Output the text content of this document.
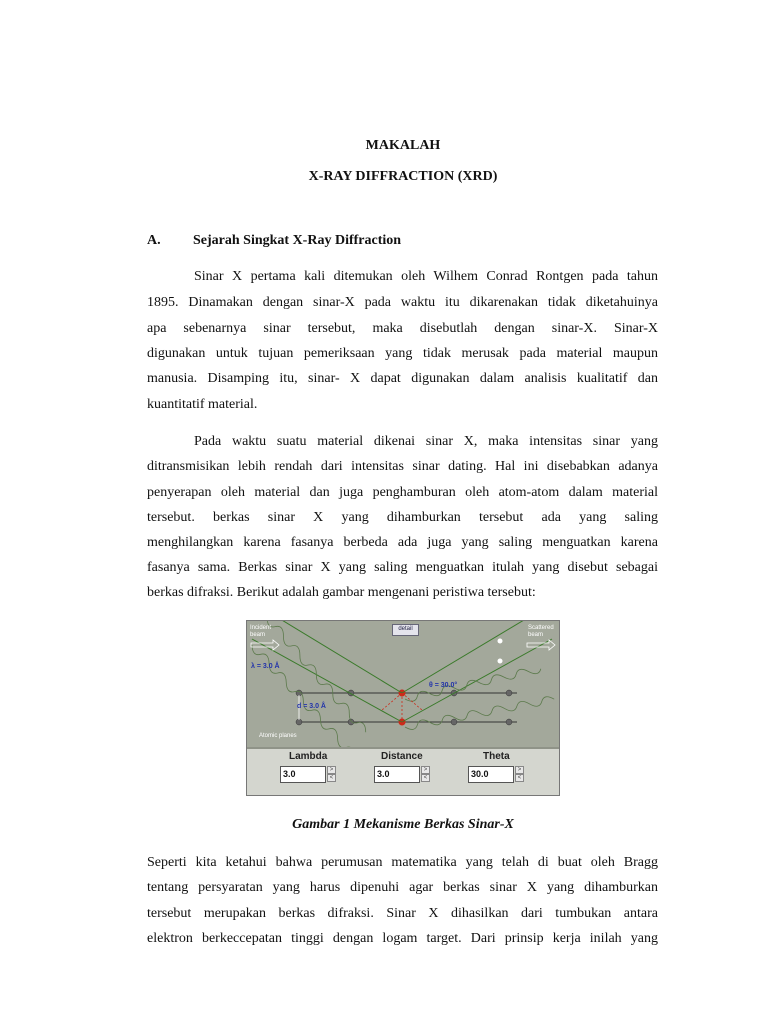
MAKALAH
X-RAY DIFFRACTION (XRD)
A. Sejarah Singkat X-Ray Diffraction
Sinar X pertama kali ditemukan oleh Wilhem Conrad Rontgen pada tahun
1895. Dinamakan dengan sinar-X pada waktu itu dikarenakan tidak diketahuinya
apa sebenarnya sinar tersebut, maka disebutlah dengan sinar-X. Sinar-X
digunakan untuk tujuan pemeriksaan yang tidak merusak pada material maupun
manusia. Disamping itu, sinar- X dapat digunakan dalam analisis kualitatif dan
kuantitatif material.
Pada waktu suatu material dikenai sinar X, maka intensitas sinar yang
ditransmisikan lebih rendah dari intensitas sinar dating. Hal ini disebabkan adanya
penyerapan oleh material dan juga penghamburan oleh atom-atom dalam material
tersebut. berkas sinar X yang dihamburkan tersebut ada yang saling
menghilangkan karena fasanya berbeda ada juga yang saling menguatkan karena
fasanya sama. Berkas sinar X yang saling menguatkan itulah yang disebut sebagai
berkas difraksi. Berikut adalah gambar mengenani peristiwa tersebut:
Incident
beam
Scattered
beam
detail
λ = 3.0 Å
d = 3.0 Å
θ = 30.0°
Atomic planes
Lambda
3.0	>
<
Distance
3.0	>
<
Theta
30.0	>
<
Gambar 1 Mekanisme Berkas Sinar-X
Seperti kita ketahui bahwa perumusan matematika yang telah di buat oleh Bragg
tentang persyaratan yang harus dipenuhi agar berkas sinar X yang dihamburkan
tersebut merupakan berkas difraksi. Sinar X dihasilkan dari tumbukan antara
elektron berkeccepatan tinggi dengan logam target. Dari prinsip kerja inilah yang
